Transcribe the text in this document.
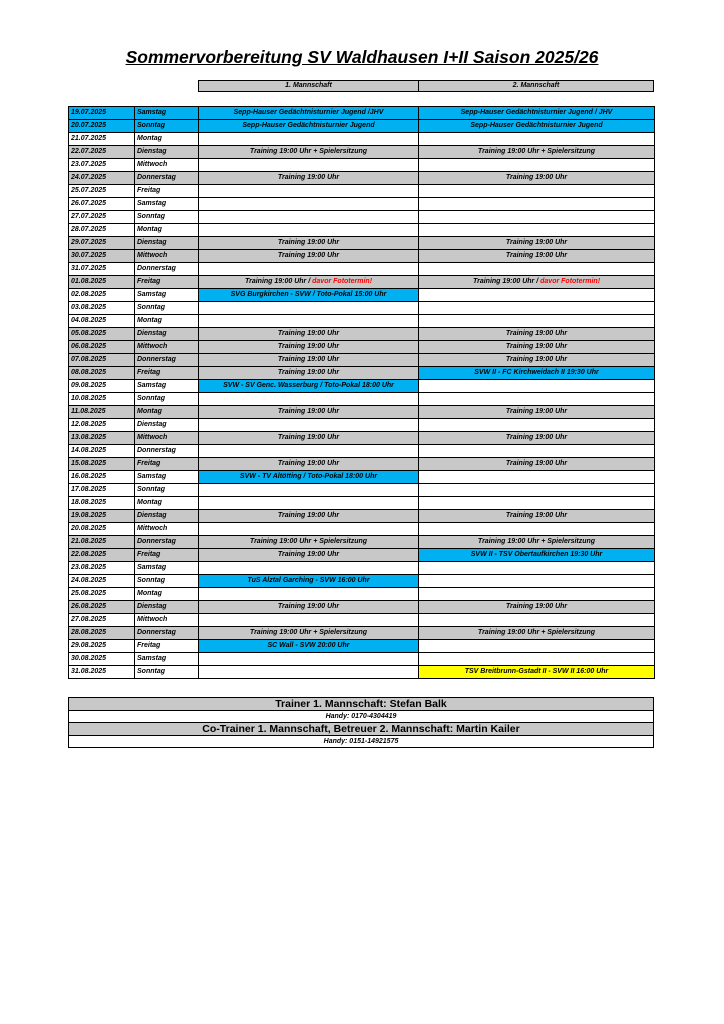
Sommervorbereitung SV Waldhausen I+II Saison 2025/26
1. Mannschaft	2. Mannschaft
19.07.2025	Samstag	Sepp-Hauser Gedächtnisturnier Jugend /JHV	Sepp-Hauser Gedächtnisturnier Jugend / JHV
20.07.2025	Sonntag	Sepp-Hauser Gedächtnisturnier Jugend	Sepp-Hauser Gedächtnisturnier Jugend
21.07.2025	Montag		
22.07.2025	Dienstag	Training 19:00 Uhr + Spielersitzung	Training 19:00 Uhr + Spielersitzung
23.07.2025	Mittwoch		
24.07.2025	Donnerstag	Training 19:00 Uhr	Training 19:00 Uhr
25.07.2025	Freitag		
26.07.2025	Samstag		
27.07.2025	Sonntag		
28.07.2025	Montag		
29.07.2025	Dienstag	Training 19:00 Uhr	Training 19:00 Uhr
30.07.2025	Mittwoch	Training 19:00 Uhr	Training 19:00 Uhr
31.07.2025	Donnerstag		
01.08.2025	Freitag	Training 19:00 Uhr / davor Fototermin!	Training 19:00 Uhr / davor Fototermin!
02.08.2025	Samstag	SVG Burgkirchen - SVW / Toto-Pokal 15:00 Uhr	
03.08.2025	Sonntag		
04.08.2025	Montag		
05.08.2025	Dienstag	Training 19:00 Uhr	Training 19:00 Uhr
06.08.2025	Mittwoch	Training 19:00 Uhr	Training 19:00 Uhr
07.08.2025	Donnerstag	Training 19:00 Uhr	Training 19:00 Uhr
08.08.2025	Freitag	Training 19:00 Uhr	SVW II - FC Kirchweidach II 19:30 Uhr
09.08.2025	Samstag	SVW - SV Genc. Wasserburg / Toto-Pokal 18:00 Uhr	
10.08.2025	Sonntag		
11.08.2025	Montag	Training 19:00 Uhr	Training 19:00 Uhr
12.08.2025	Dienstag		
13.08.2025	Mittwoch	Training 19:00 Uhr	Training 19:00 Uhr
14.08.2025	Donnerstag		
15.08.2025	Freitag	Training 19:00 Uhr	Training 19:00 Uhr
16.08.2025	Samstag	SVW - TV Altötting / Toto-Pokal 18:00 Uhr	
17.08.2025	Sonntag		
18.08.2025	Montag		
19.08.2025	Dienstag	Training 19:00 Uhr	Training 19:00 Uhr
20.08.2025	Mittwoch		
21.08.2025	Donnerstag	Training 19:00 Uhr + Spielersitzung	Training 19:00 Uhr + Spielersitzung
22.08.2025	Freitag	Training 19:00 Uhr	SVW II - TSV Obertaufkirchen 19:30 Uhr
23.08.2025	Samstag		
24.08.2025	Sonntag	TuS Alztal Garching - SVW 16:00 Uhr	
25.08.2025	Montag		
26.08.2025	Dienstag	Training 19:00 Uhr	Training 19:00 Uhr
27.08.2025	Mittwoch		
28.08.2025	Donnerstag	Training 19:00 Uhr + Spielersitzung	Training 19:00 Uhr + Spielersitzung
29.08.2025	Freitag	SC Wall - SVW 20:00 Uhr	
30.08.2025	Samstag		
31.08.2025	Sonntag		TSV Breitbrunn-Gstadt II - SVW II 16:00 Uhr
Trainer 1. Mannschaft: Stefan Balk
Handy: 0170-4304419
Co-Trainer 1. Mannschaft, Betreuer 2. Mannschaft: Martin Kailer
Handy: 0151-14921575
